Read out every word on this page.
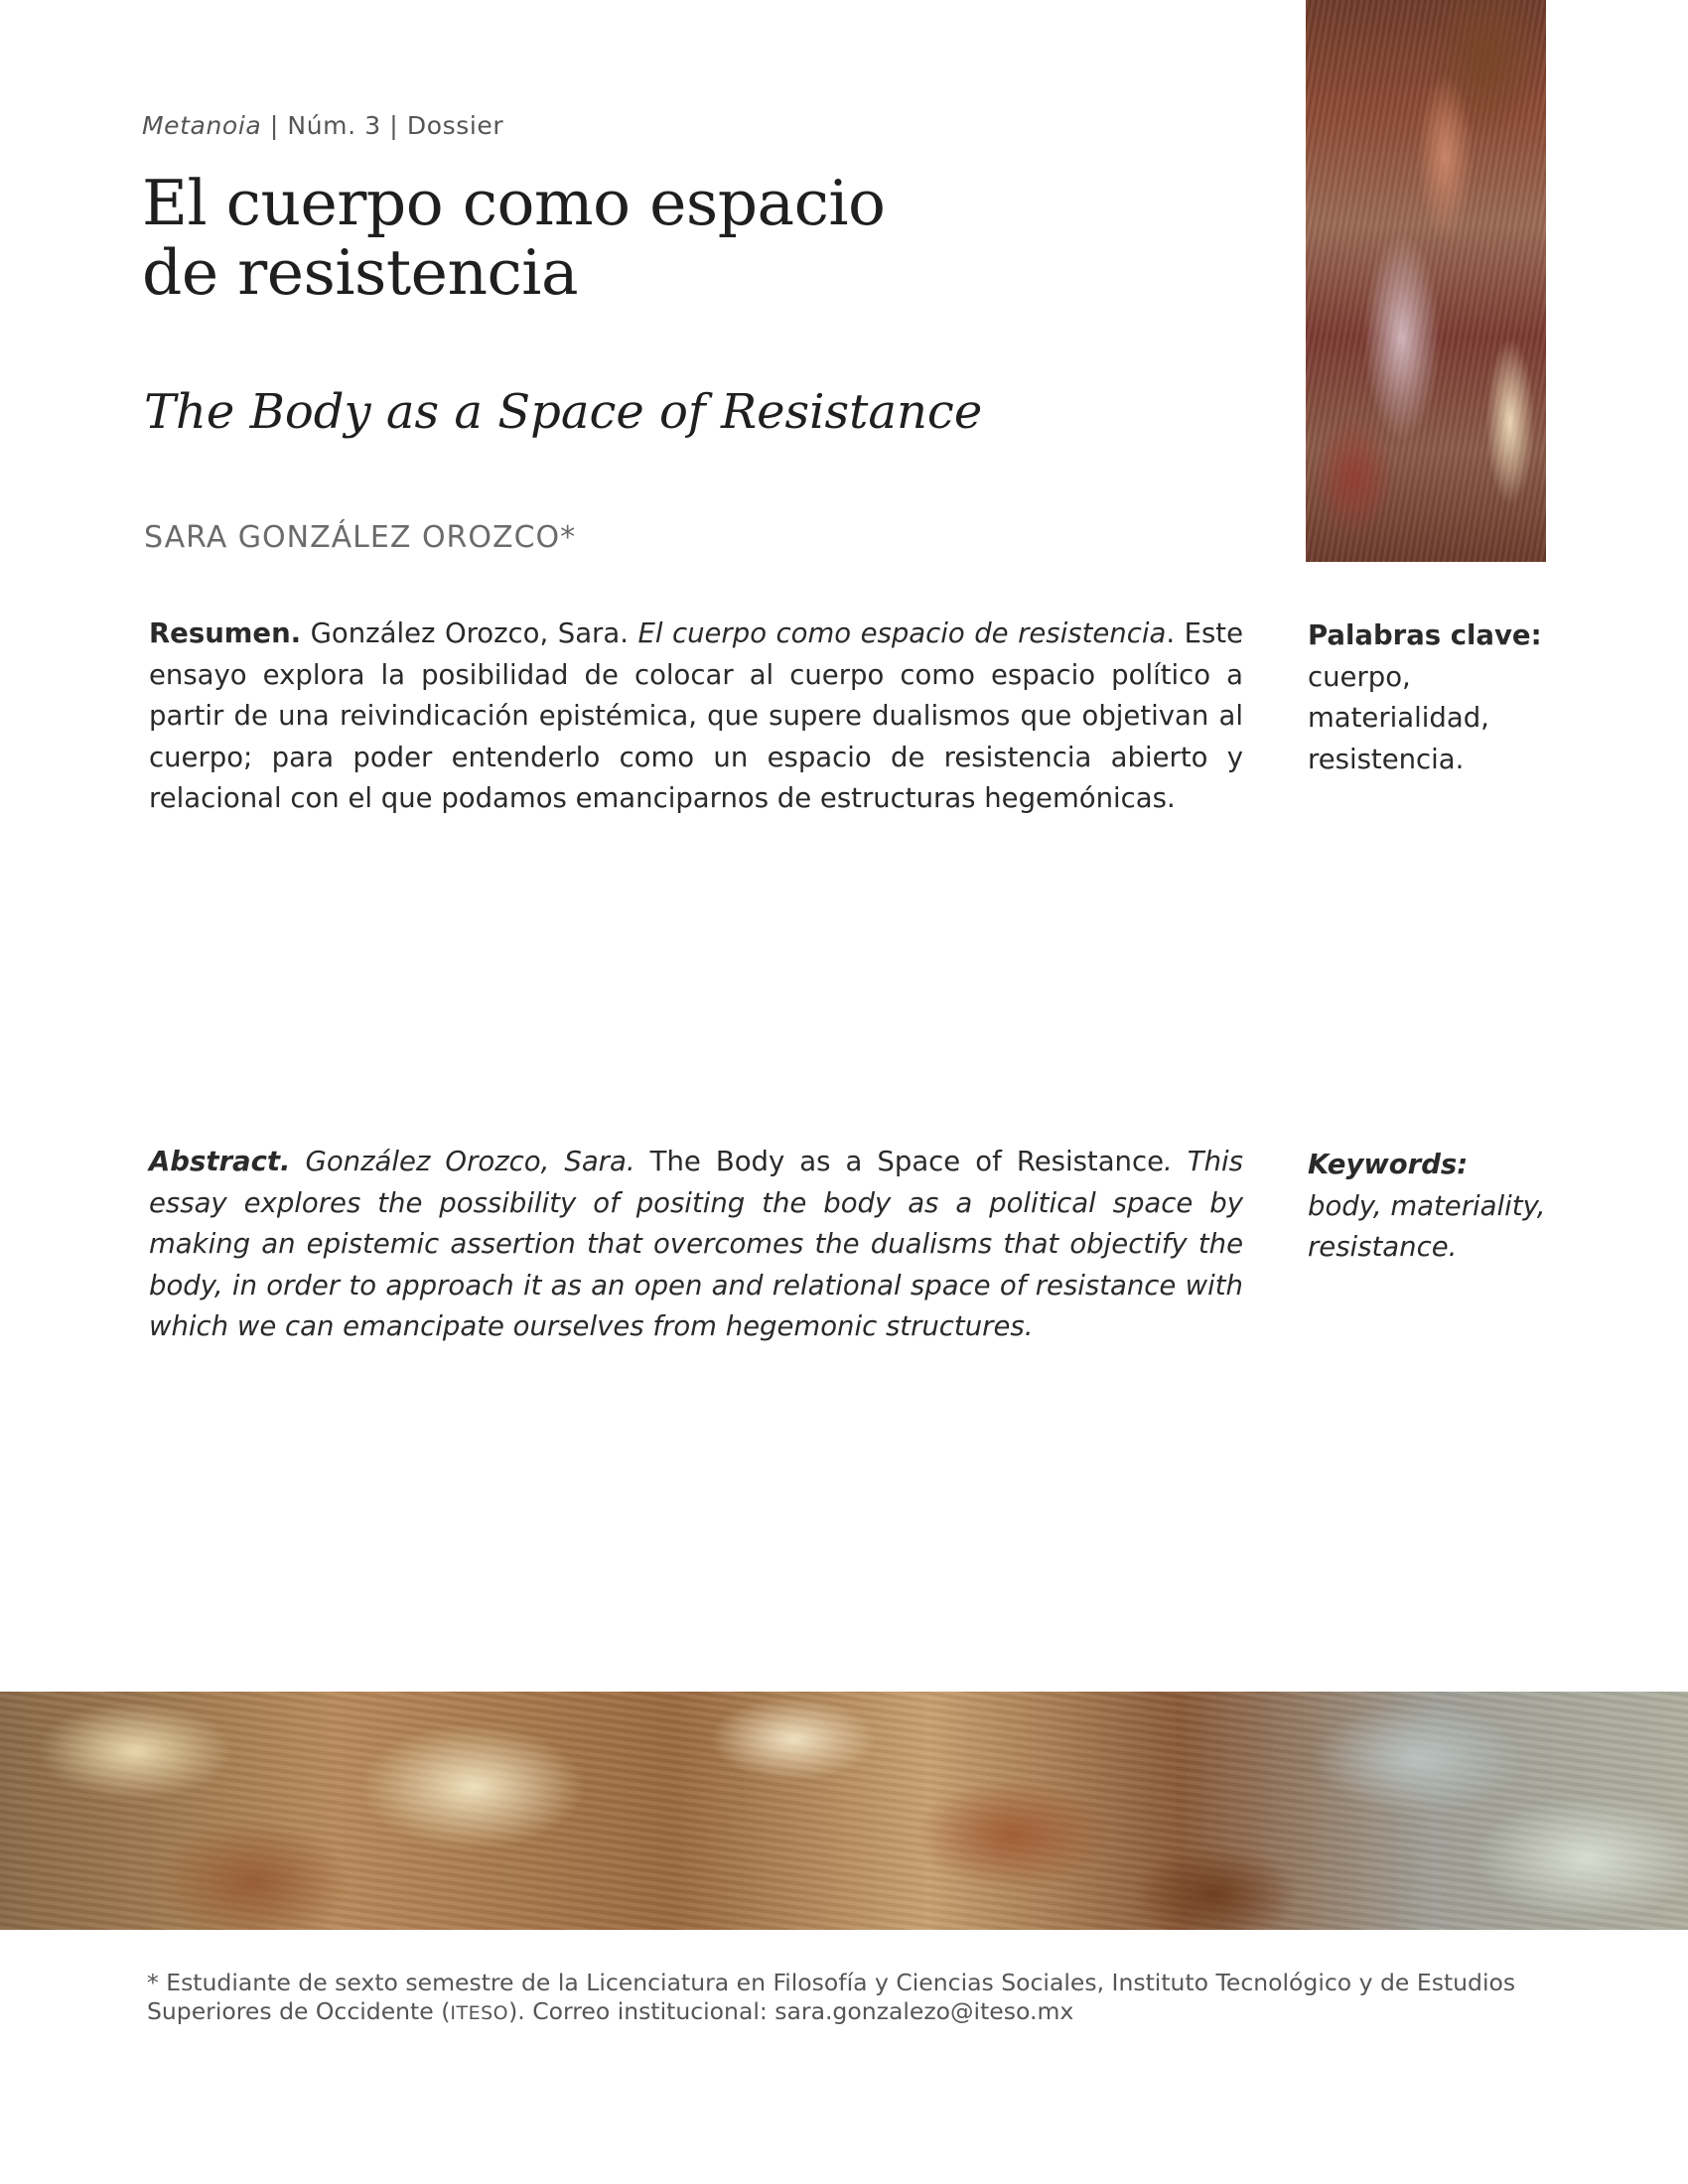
Metanoia | Núm. 3 | Dossier
El cuerpo como espacio
de resistencia
The Body as a Space of Resistance
SARA GONZÁLEZ OROZCO*

Resumen. González Orozco, Sara. El cuerpo como espacio de resistencia. Este ensayo explora la posibilidad de colocar al cuerpo como espacio político a partir de una reivindicación epistémica, que supere dualismos que objetivan al cuerpo; para poder entenderlo como un espacio de resistencia abierto y relacional con el que podamos emanciparnos de estructuras hegemónicas.

Palabras clave:
cuerpo,
materialidad,
resistencia.

Abstract. González Orozco, Sara. The Body as a Space of Resistance. This essay explores the possibility of positing the body as a political space by making an epistemic assertion that overcomes the dualisms that objectify the body, in order to approach it as an open and relational space of resistance with which we can emancipate ourselves from hegemonic structures.

Keywords:
body, materiality,
resistance.

* Estudiante de sexto semestre de la Licenciatura en Filosofía y Ciencias Sociales, Instituto Tecnológico y de Estudios Superiores de Occidente (ITESO). Correo institucional: sara.gonzalezo@iteso.mx
